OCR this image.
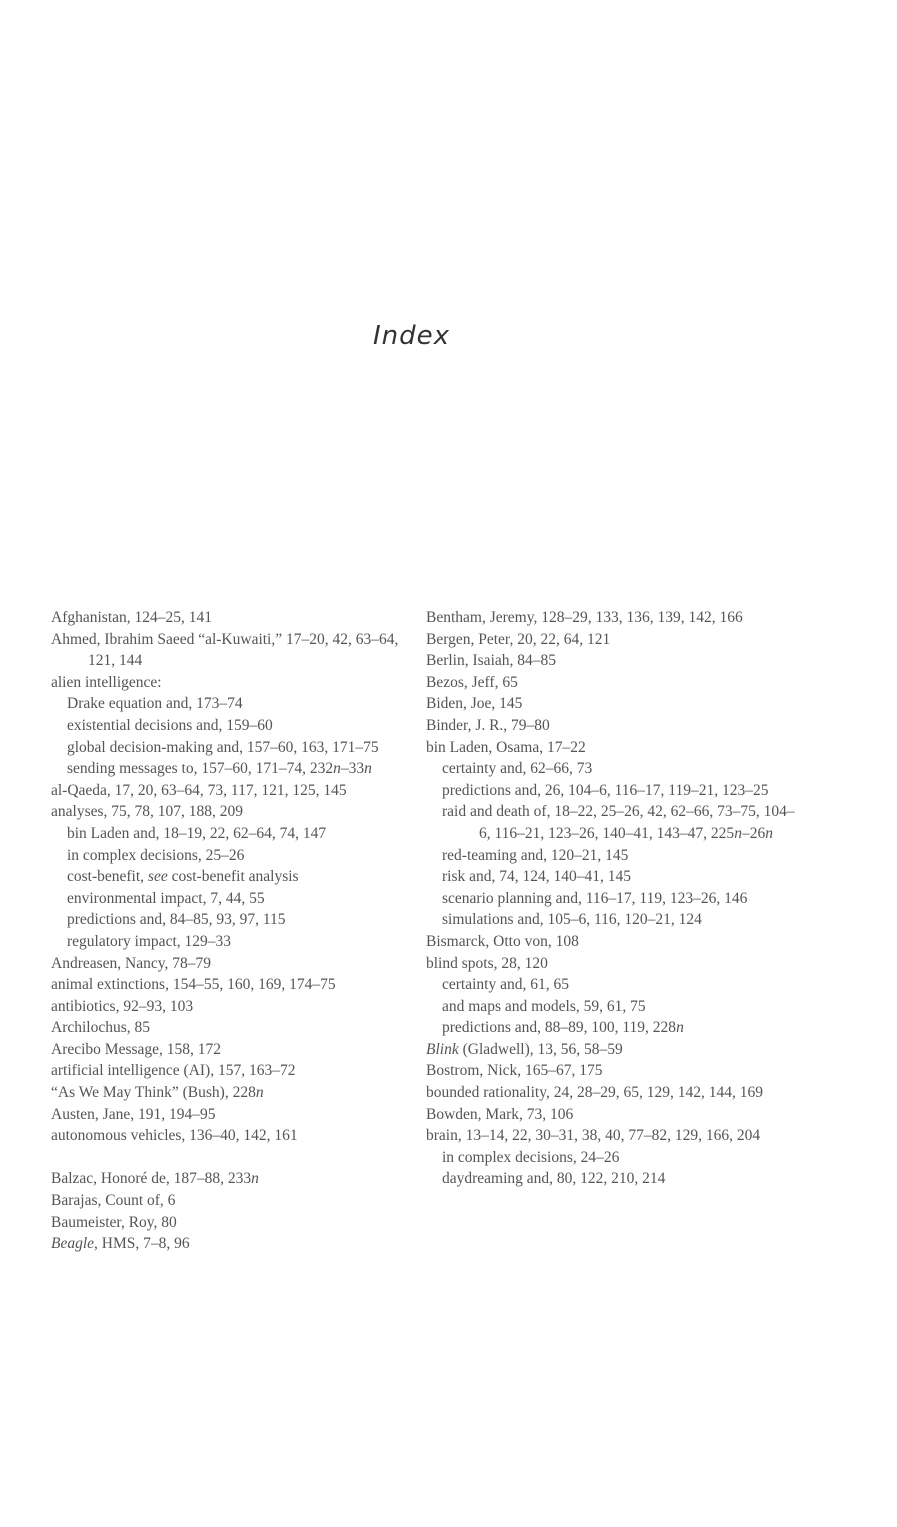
Index

Afghanistan, 124–25, 141

Ahmed, Ibrahim Saeed “al-Kuwaiti,” 17–20, 42, 63–64, 121, 144

alien intelligence:

Drake equation and, 173–74

existential decisions and, 159–60

global decision-making and, 157–60, 163, 171–75

sending messages to, 157–60, 171–74, 232n–33n

al-Qaeda, 17, 20, 63–64, 73, 117, 121, 125, 145

analyses, 75, 78, 107, 188, 209

bin Laden and, 18–19, 22, 62–64, 74, 147

in complex decisions, 25–26

cost-benefit, see cost-benefit analysis

environmental impact, 7, 44, 55

predictions and, 84–85, 93, 97, 115

regulatory impact, 129–33

Andreasen, Nancy, 78–79

animal extinctions, 154–55, 160, 169, 174–75

antibiotics, 92–93, 103

Archilochus, 85

Arecibo Message, 158, 172

artificial intelligence (AI), 157, 163–72

“As We May Think” (Bush), 228n

Austen, Jane, 191, 194–95

autonomous vehicles, 136–40, 142, 161

Balzac, Honoré de, 187–88, 233n

Barajas, Count of, 6

Baumeister, Roy, 80

Beagle, HMS, 7–8, 96

Bentham, Jeremy, 128–29, 133, 136, 139, 142, 166

Bergen, Peter, 20, 22, 64, 121

Berlin, Isaiah, 84–85

Bezos, Jeff, 65

Biden, Joe, 145

Binder, J. R., 79–80

bin Laden, Osama, 17–22

certainty and, 62–66, 73

predictions and, 26, 104–6, 116–17, 119–21, 123–25

raid and death of, 18–22, 25–26, 42, 62–66, 73–75, 104–6, 116–21, 123–26, 140–41, 143–47, 225n–26n

red-teaming and, 120–21, 145

risk and, 74, 124, 140–41, 145

scenario planning and, 116–17, 119, 123–26, 146

simulations and, 105–6, 116, 120–21, 124

Bismarck, Otto von, 108

blind spots, 28, 120

certainty and, 61, 65

and maps and models, 59, 61, 75

predictions and, 88–89, 100, 119, 228n

Blink (Gladwell), 13, 56, 58–59

Bostrom, Nick, 165–67, 175

bounded rationality, 24, 28–29, 65, 129, 142, 144, 169

Bowden, Mark, 73, 106

brain, 13–14, 22, 30–31, 38, 40, 77–82, 129, 166, 204

in complex decisions, 24–26

daydreaming and, 80, 122, 210, 214
